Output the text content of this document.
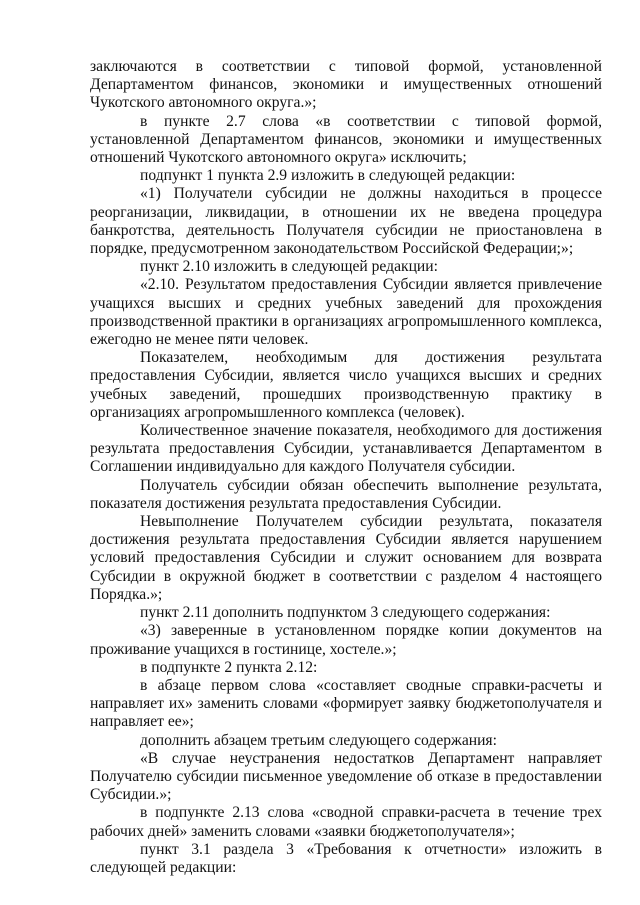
заключаются в соответствии с типовой формой, установленной Департаментом финансов, экономики и имущественных отношений Чукотского автономного округа.»;

в пункте 2.7 слова «в соответствии с типовой формой, установленной Департаментом финансов, экономики и имущественных отношений Чукотского автономного округа» исключить;

подпункт 1 пункта 2.9 изложить в следующей редакции:

«1) Получатели субсидии не должны находиться в процессе реорганизации, ликвидации, в отношении их не введена процедура банкротства, деятельность Получателя субсидии не приостановлена в порядке, предусмотренном законодательством Российской Федерации;»;

пункт 2.10 изложить в следующей редакции:

«2.10. Результатом предоставления Субсидии является привлечение учащихся высших и средних учебных заведений для прохождения производственной практики в организациях агропромышленного комплекса, ежегодно не менее пяти человек.

Показателем, необходимым для достижения результата предоставления Субсидии, является число учащихся высших и средних учебных заведений, прошедших производственную практику в организациях агропромышленного комплекса (человек).

Количественное значение показателя, необходимого для достижения результата предоставления Субсидии, устанавливается Департаментом в Соглашении индивидуально для каждого Получателя субсидии.

Получатель субсидии обязан обеспечить выполнение результата, показателя достижения результата предоставления Субсидии.

Невыполнение Получателем субсидии результата, показателя достижения результата предоставления Субсидии является нарушением условий предоставления Субсидии и служит основанием для возврата Субсидии в окружной бюджет в соответствии с разделом 4 настоящего Порядка.»;

пункт 2.11 дополнить подпунктом 3 следующего содержания:

«3) заверенные в установленном порядке копии документов на проживание учащихся в гостинице, хостеле.»;

в подпункте 2 пункта 2.12:

в абзаце первом слова «составляет сводные справки-расчеты и направляет их» заменить словами «формирует заявку бюджетополучателя и направляет ее»;

дополнить абзацем третьим следующего содержания:

«В случае неустранения недостатков Департамент направляет Получателю субсидии письменное уведомление об отказе в предоставлении Субсидии.»;

в подпункте 2.13 слова «сводной справки-расчета в течение трех рабочих дней» заменить словами «заявки бюджетополучателя»;

пункт 3.1 раздела 3 «Требования к отчетности» изложить в следующей редакции:
